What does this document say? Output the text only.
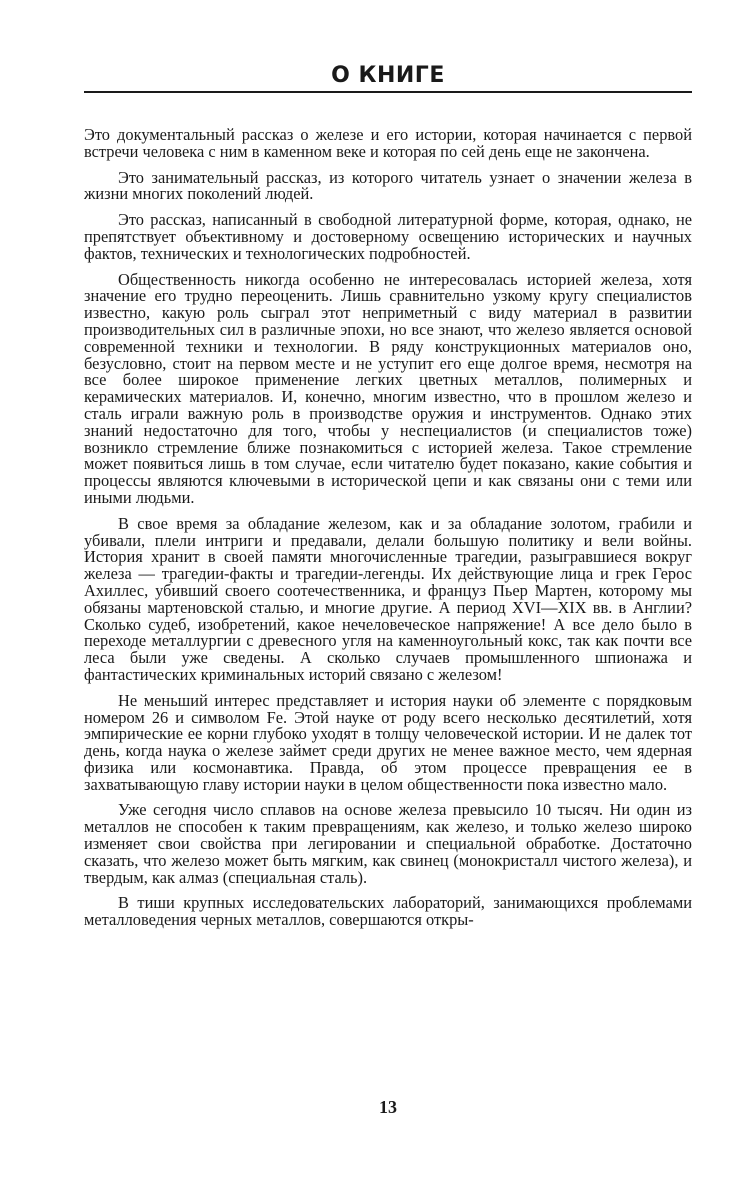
О КНИГЕ

Это документальный рассказ о железе и его истории, которая начинается с первой встречи человека с ним в каменном веке и которая по сей день еще не закончена.

Это занимательный рассказ, из которого читатель узнает о значении железа в жизни многих поколений людей.

Это рассказ, написанный в свободной литературной форме, которая, однако, не препятствует объективному и достоверному освещению исторических и научных фактов, технических и технологических подробностей.

Общественность никогда особенно не интересовалась историей железа, хотя значение его трудно переоценить. Лишь сравнительно узкому кругу специалистов известно, какую роль сыграл этот неприметный с виду материал в развитии производительных сил в различные эпохи, но все знают, что железо является основой современной техники и технологии. В ряду конструкционных материалов оно, безусловно, стоит на первом месте и не уступит его еще долгое время, несмотря на все более широкое применение легких цветных металлов, полимерных и керамических материалов. И, конечно, многим известно, что в прошлом железо и сталь играли важную роль в производстве оружия и инструментов. Однако этих знаний недостаточно для того, чтобы у неспециалистов (и специалистов тоже) возникло стремление ближе познакомиться с историей железа. Такое стремление может появиться лишь в том случае, если читателю будет показано, какие события и процессы являются ключевыми в исторической цепи и как связаны они с теми или иными людьми.

В свое время за обладание железом, как и за обладание золотом, грабили и убивали, плели интриги и предавали, делали большую политику и вели войны. История хранит в своей памяти многочисленные трагедии, разыгравшиеся вокруг железа — трагедии-факты и трагедии-легенды. Их действующие лица и грек Герос Ахиллес, убивший своего соотечественника, и француз Пьер Мартен, которому мы обязаны мартеновской сталью, и многие другие. А период XVI—XIX вв. в Англии? Сколько судеб, изобретений, какое нечеловеческое напряжение! А все дело было в переходе металлургии с древесного угля на каменноугольный кокс, так как почти все леса были уже сведены. А сколько случаев промышленного шпионажа и фантастических криминальных историй связано с железом!

Не меньший интерес представляет и история науки об элементе с порядковым номером 26 и символом Fe. Этой науке от роду всего несколько десятилетий, хотя эмпирические ее корни глубоко уходят в толщу человеческой истории. И не далек тот день, когда наука о железе займет среди других не менее важное место, чем ядерная физика или космонавтика. Правда, об этом процессе превращения ее в захватывающую главу истории науки в целом общественности пока известно мало.

Уже сегодня число сплавов на основе железа превысило 10 тысяч. Ни один из металлов не способен к таким превращениям, как железо, и только железо широко изменяет свои свойства при легировании и специальной обработке. Достаточно сказать, что железо может быть мягким, как свинец (монокристалл чистого железа), и твердым, как алмаз (специальная сталь).

В тиши крупных исследовательских лабораторий, занимающихся проблемами металловедения черных металлов, совершаются откры-

13
